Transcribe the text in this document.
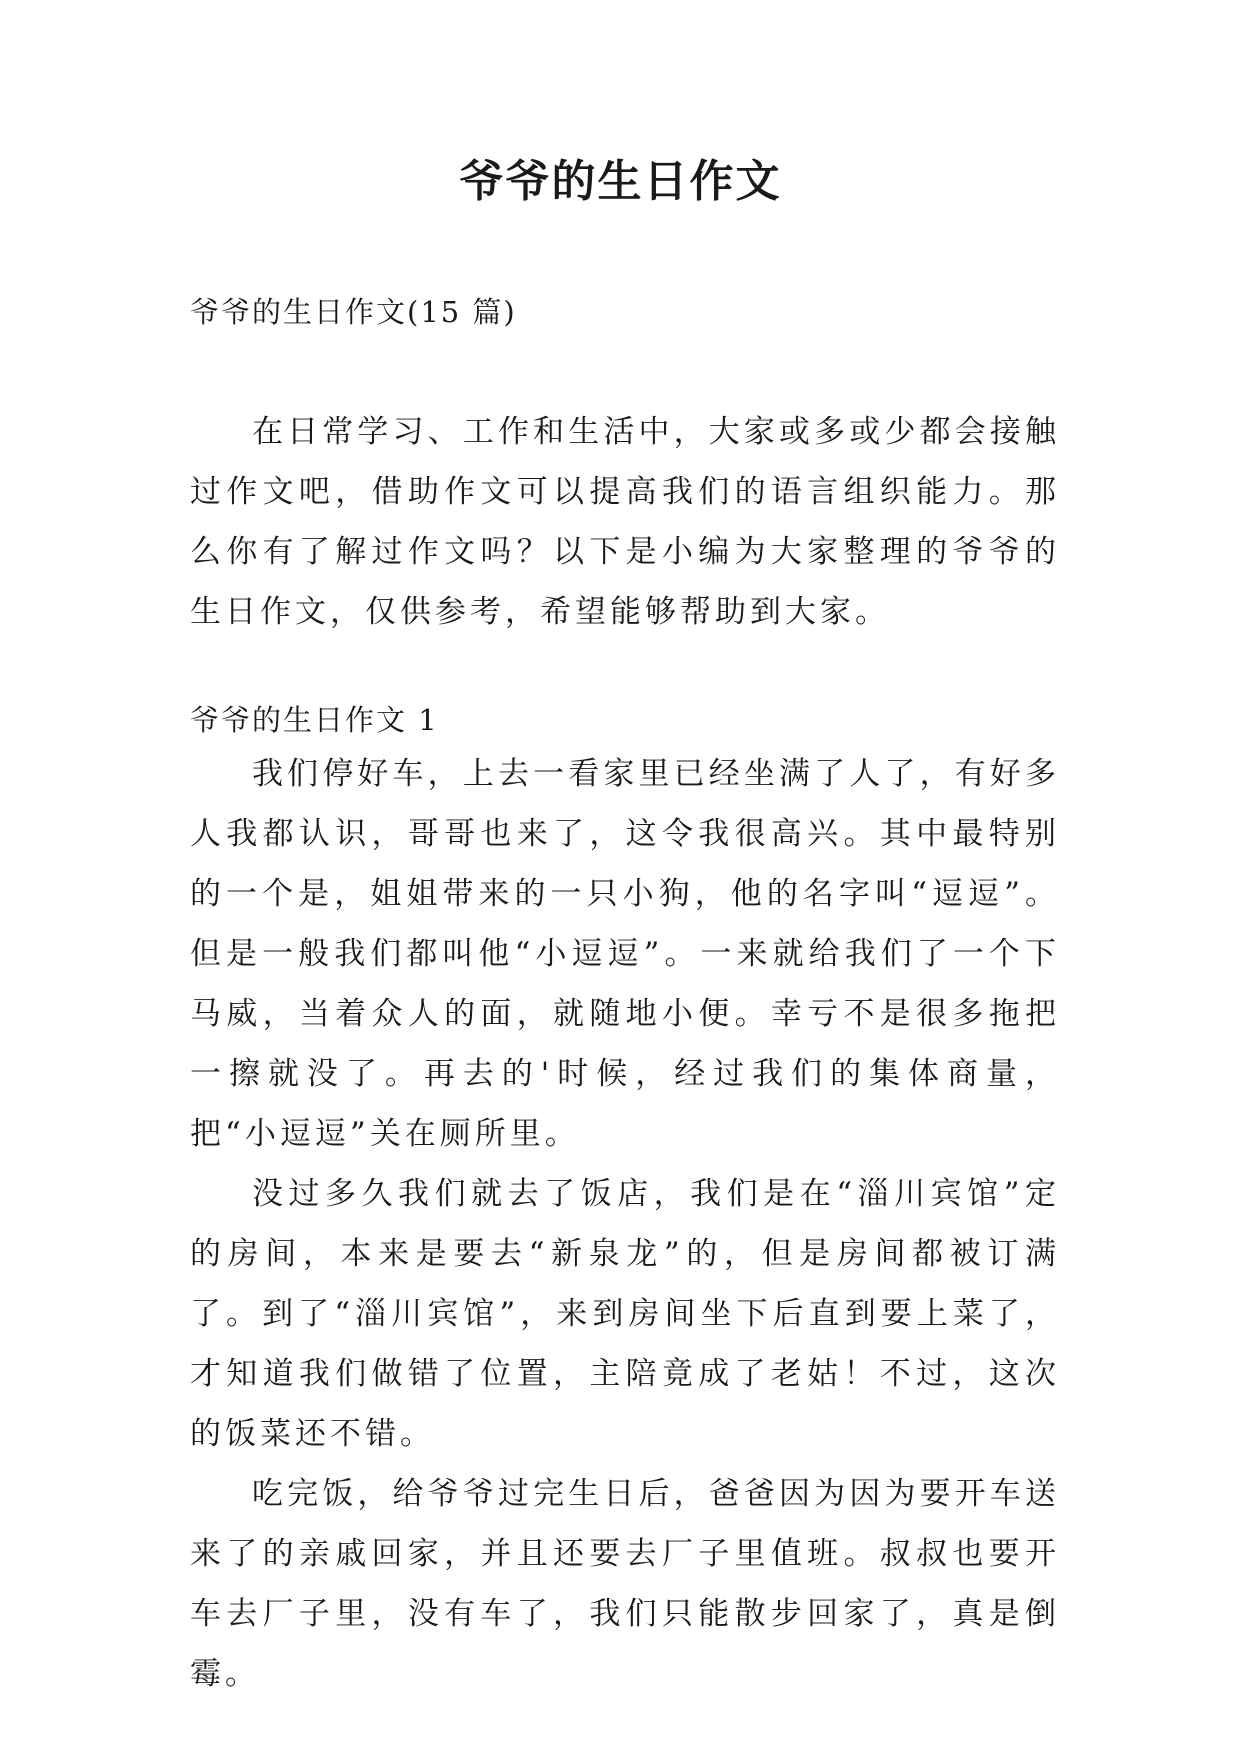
爷爷的生日作文
爷爷的生日作文(15 篇)

在日常学习、工作和生活中，大家或多或少都会接触过作文吧，借助作文可以提高我们的语言组织能力。那么你有了解过作文吗？以下是小编为大家整理的爷爷的生日作文，仅供参考，希望能够帮助到大家。

爷爷的生日作文 1

我们停好车，上去一看家里已经坐满了人了，有好多人我都认识，哥哥也来了，这令我很高兴。其中最特别的一个是，姐姐带来的一只小狗，他的名字叫“逗逗”。但是一般我们都叫他“小逗逗”。一来就给我们了一个下马威，当着众人的面，就随地小便。幸亏不是很多拖把一擦就没了。再去的'时候，经过我们的集体商量，把“小逗逗”关在厕所里。

没过多久我们就去了饭店，我们是在“淄川宾馆”定的房间，本来是要去“新泉龙”的，但是房间都被订满了。到了“淄川宾馆”，来到房间坐下后直到要上菜了，才知道我们做错了位置，主陪竟成了老姑！不过，这次的饭菜还不错。

吃完饭，给爷爷过完生日后，爸爸因为因为要开车送来了的亲戚回家，并且还要去厂子里值班。叔叔也要开车去厂子里，没有车了，我们只能散步回家了，真是倒霉。
